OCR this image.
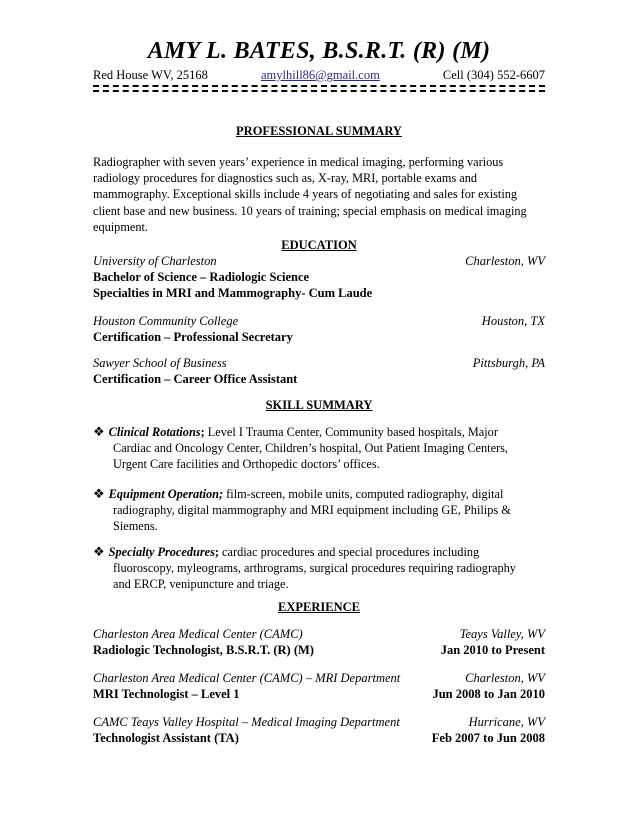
AMY L. BATES, B.S.R.T. (R) (M)
Red House WV, 25168	amylhill86@gmail.com	Cell (304) 552-6607
PROFESSIONAL SUMMARY
Radiographer with seven years’ experience in medical imaging, performing various
radiology procedures for diagnostics such as, X-ray, MRI, portable exams and
mammography. Exceptional skills include 4 years of negotiating and sales for existing
client base and new business. 10 years of training; special emphasis on medical imaging
equipment.
EDUCATION
University of Charleston	Charleston, WV
Bachelor of Science – Radiologic Science
Specialties in MRI and Mammography- Cum Laude
Houston Community College	Houston, TX
Certification – Professional Secretary
Sawyer School of Business	Pittsburgh, PA
Certification – Career Office Assistant
SKILL SUMMARY
❖ Clinical Rotations; Level I Trauma Center, Community based hospitals, Major
Cardiac and Oncology Center, Children’s hospital, Out Patient Imaging Centers,
Urgent Care facilities and Orthopedic doctors’ offices.
❖ Equipment Operation; film-screen, mobile units, computed radiography, digital
radiography, digital mammography and MRI equipment including GE, Philips &
Siemens.
❖ Specialty Procedures; cardiac procedures and special procedures including
fluoroscopy, myleograms, arthrograms, surgical procedures requiring radiography
and ERCP, venipuncture and triage.
EXPERIENCE
Charleston Area Medical Center (CAMC)	Teays Valley, WV
Radiologic Technologist, B.S.R.T. (R) (M)	Jan 2010 to Present
Charleston Area Medical Center (CAMC) – MRI Department	Charleston, WV
MRI Technologist – Level 1	Jun 2008 to Jan 2010
CAMC Teays Valley Hospital – Medical Imaging Department	Hurricane, WV
Technologist Assistant (TA)	Feb 2007 to Jun 2008
